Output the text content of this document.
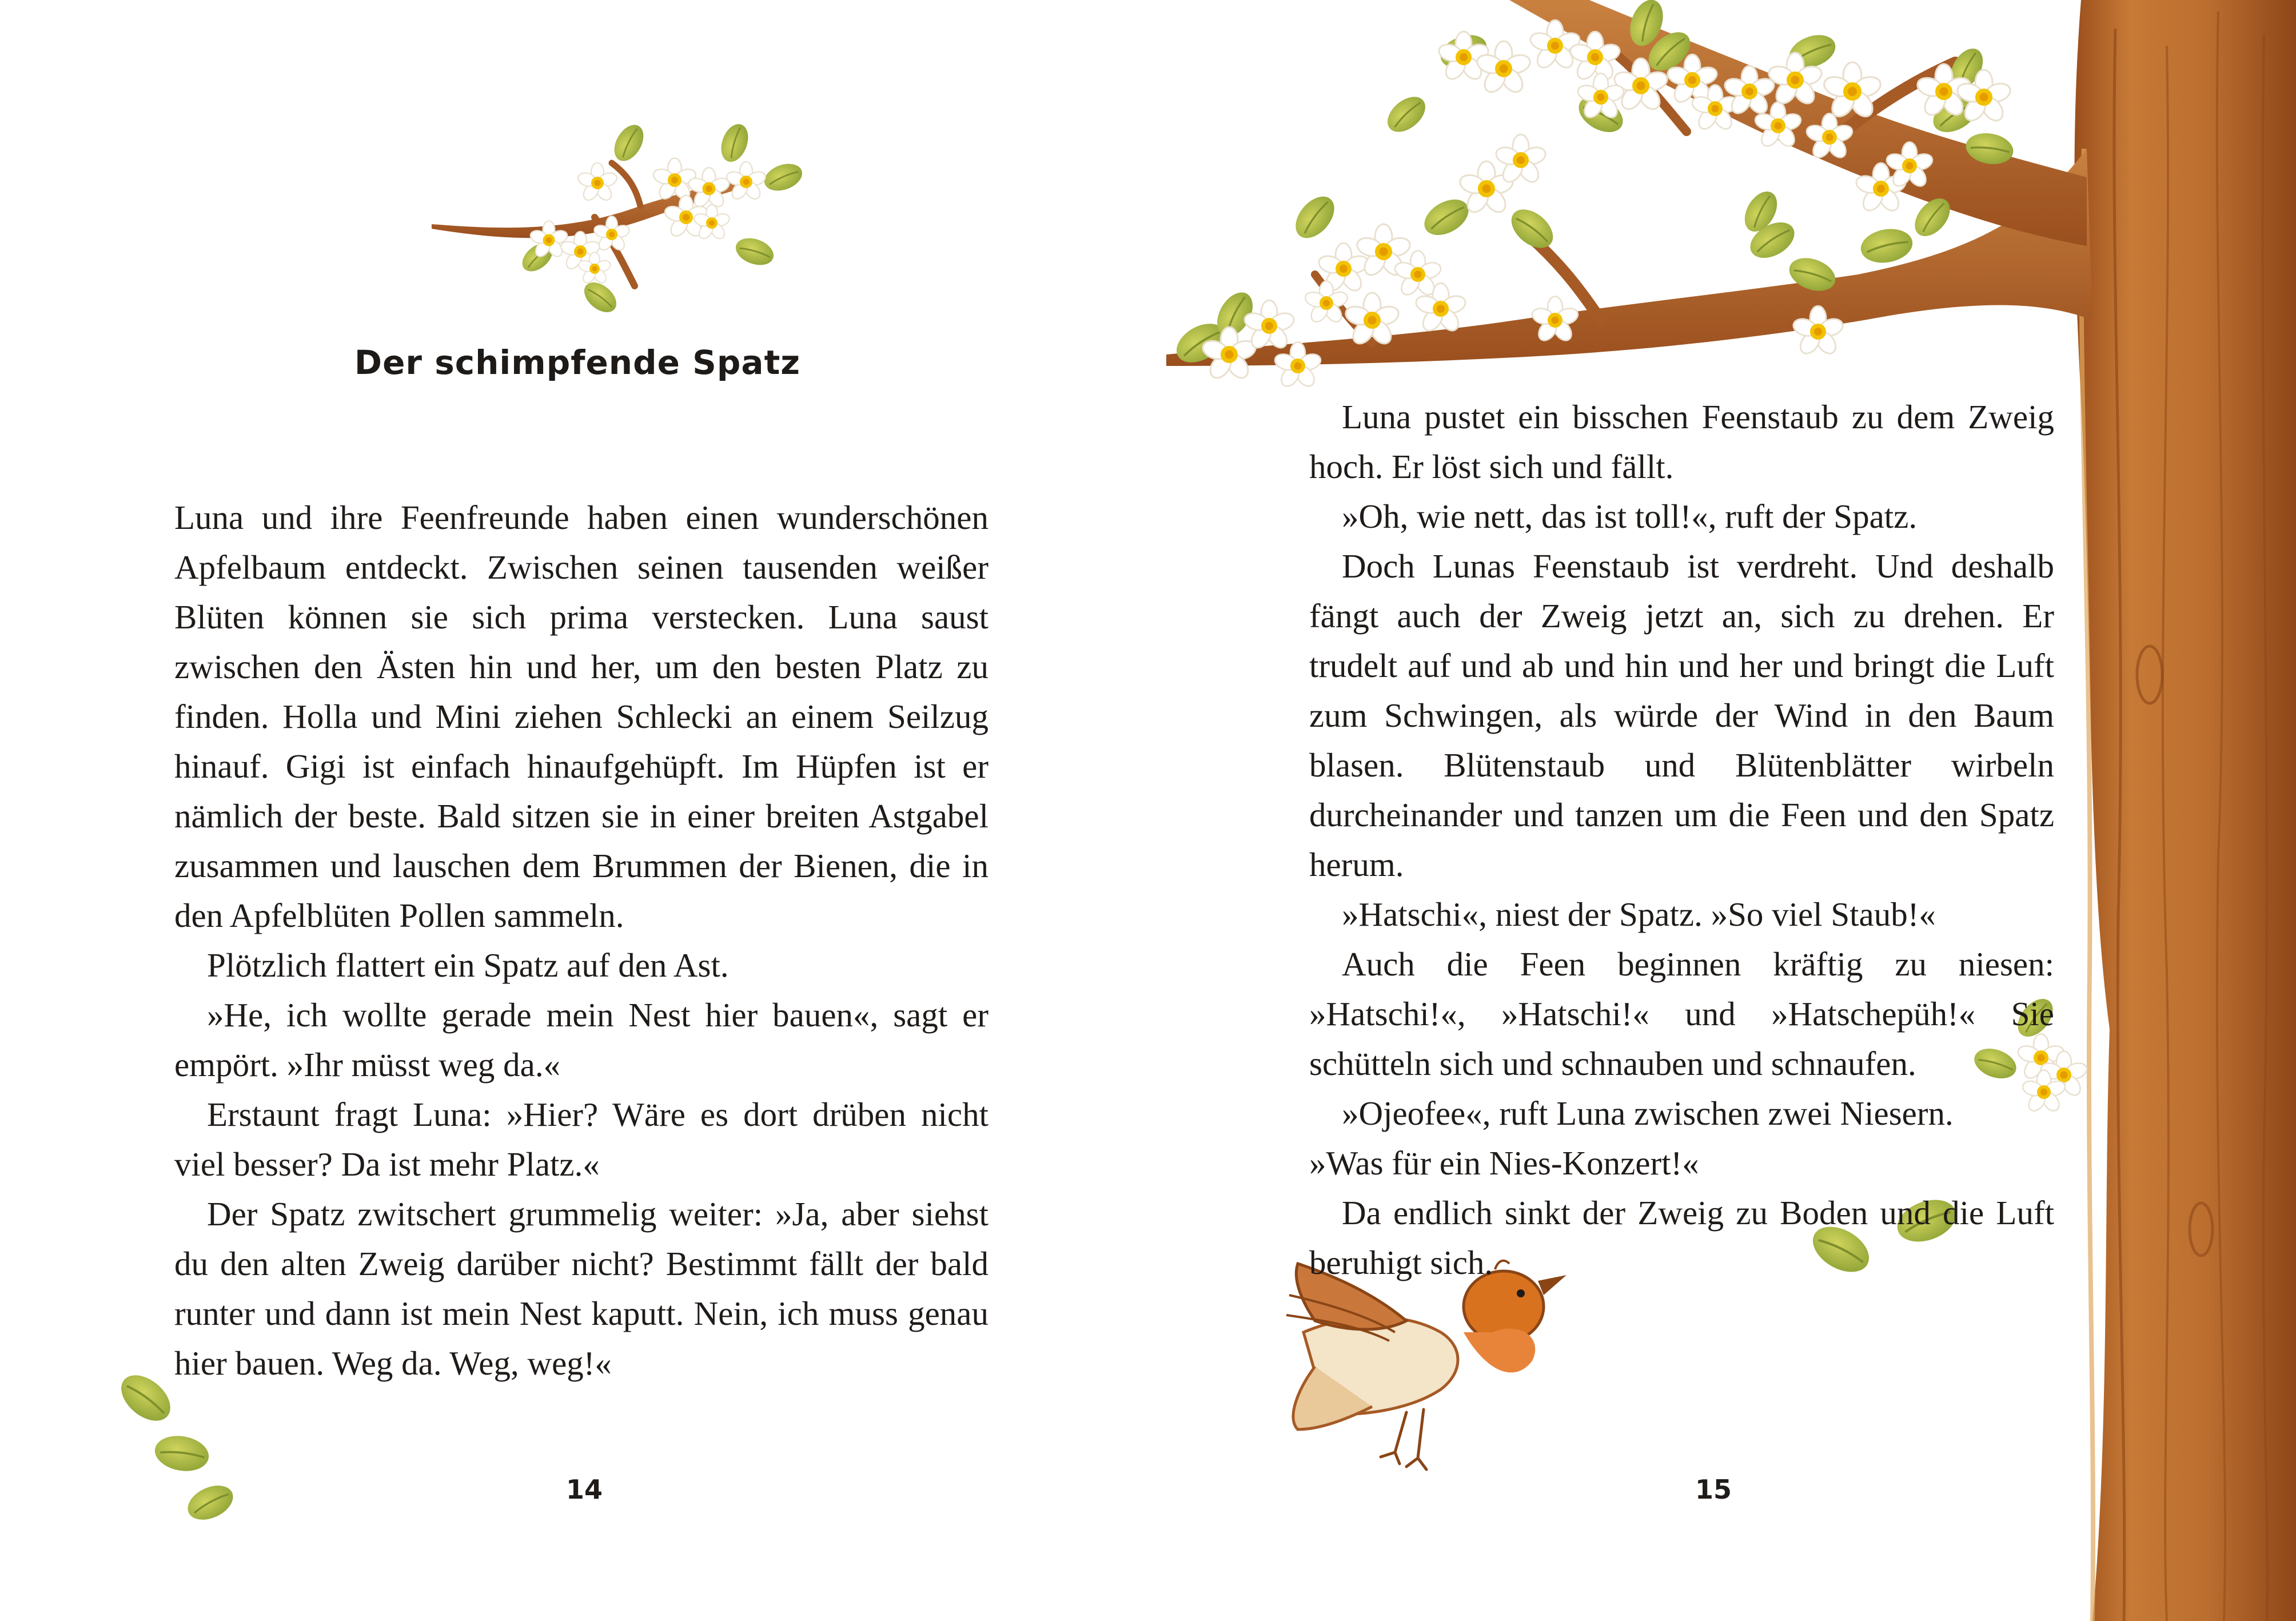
Der schimpfende Spatz

Luna und ihre Feenfreunde haben einen wunderschönen Apfelbaum entdeckt. Zwischen seinen tausenden weißer Blüten können sie sich prima verstecken. Luna saust zwischen den Ästen hin und her, um den besten Platz zu finden. Holla und Mini ziehen Schlecki an einem Seilzug hinauf. Gigi ist einfach hinaufgehüpft. Im Hüpfen ist er nämlich der beste. Bald sitzen sie in einer breiten Astgabel zusammen und lauschen dem Brummen der Bienen, die in den Apfelblüten Pollen sammeln.

Plötzlich flattert ein Spatz auf den Ast.

»He, ich wollte gerade mein Nest hier bauen«, sagt er empört. »Ihr müsst weg da.«

Erstaunt fragt Luna: »Hier? Wäre es dort drüben nicht viel besser? Da ist mehr Platz.«

Der Spatz zwitschert grummelig weiter: »Ja, aber siehst du den alten Zweig darüber nicht? Bestimmt fällt der bald runter und dann ist mein Nest kaputt. Nein, ich muss genau hier bauen. Weg da. Weg, weg!«

14

Luna pustet ein bisschen Feenstaub zu dem Zweig hoch. Er löst sich und fällt.

»Oh, wie nett, das ist toll!«, ruft der Spatz.

Doch Lunas Feenstaub ist verdreht. Und deshalb fängt auch der Zweig jetzt an, sich zu drehen. Er trudelt auf und ab und hin und her und bringt die Luft zum Schwingen, als würde der Wind in den Baum blasen. Blütenstaub und Blütenblätter wirbeln durcheinander und tanzen um die Feen und den Spatz herum.

»Hatschi«, niest der Spatz. »So viel Staub!«

Auch die Feen beginnen kräftig zu niesen: »Hatschi!«, »Hatschi!« und »Hatschepüh!« Sie schütteln sich und schnauben und schnaufen.

»Ojeofee«, ruft Luna zwischen zwei Niesern.

»Was für ein Nies-Konzert!«

Da endlich sinkt der Zweig zu Boden und die Luft beruhigt sich.

15
